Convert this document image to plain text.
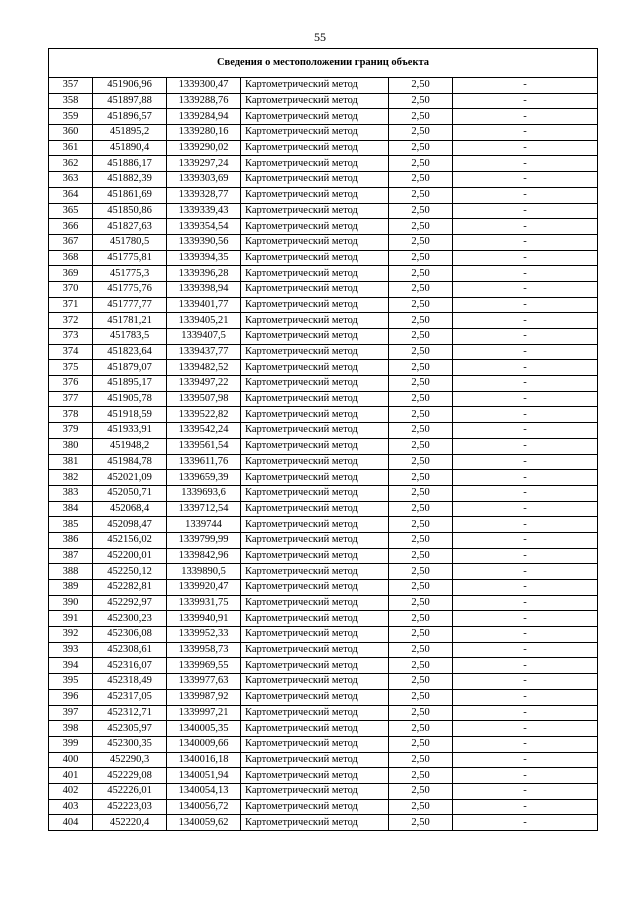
55
Сведения о местоположении границ объекта					
357	451906,96	1339300,47	Картометрический метод	2,50	-
358	451897,88	1339288,76	Картометрический метод	2,50	-
359	451896,57	1339284,94	Картометрический метод	2,50	-
360	451895,2	1339280,16	Картометрический метод	2,50	-
361	451890,4	1339290,02	Картометрический метод	2,50	-
362	451886,17	1339297,24	Картометрический метод	2,50	-
363	451882,39	1339303,69	Картометрический метод	2,50	-
364	451861,69	1339328,77	Картометрический метод	2,50	-
365	451850,86	1339339,43	Картометрический метод	2,50	-
366	451827,63	1339354,54	Картометрический метод	2,50	-
367	451780,5	1339390,56	Картометрический метод	2,50	-
368	451775,81	1339394,35	Картометрический метод	2,50	-
369	451775,3	1339396,28	Картометрический метод	2,50	-
370	451775,76	1339398,94	Картометрический метод	2,50	-
371	451777,77	1339401,77	Картометрический метод	2,50	-
372	451781,21	1339405,21	Картометрический метод	2,50	-
373	451783,5	1339407,5	Картометрический метод	2,50	-
374	451823,64	1339437,77	Картометрический метод	2,50	-
375	451879,07	1339482,52	Картометрический метод	2,50	-
376	451895,17	1339497,22	Картометрический метод	2,50	-
377	451905,78	1339507,98	Картометрический метод	2,50	-
378	451918,59	1339522,82	Картометрический метод	2,50	-
379	451933,91	1339542,24	Картометрический метод	2,50	-
380	451948,2	1339561,54	Картометрический метод	2,50	-
381	451984,78	1339611,76	Картометрический метод	2,50	-
382	452021,09	1339659,39	Картометрический метод	2,50	-
383	452050,71	1339693,6	Картометрический метод	2,50	-
384	452068,4	1339712,54	Картометрический метод	2,50	-
385	452098,47	1339744	Картометрический метод	2,50	-
386	452156,02	1339799,99	Картометрический метод	2,50	-
387	452200,01	1339842,96	Картометрический метод	2,50	-
388	452250,12	1339890,5	Картометрический метод	2,50	-
389	452282,81	1339920,47	Картометрический метод	2,50	-
390	452292,97	1339931,75	Картометрический метод	2,50	-
391	452300,23	1339940,91	Картометрический метод	2,50	-
392	452306,08	1339952,33	Картометрический метод	2,50	-
393	452308,61	1339958,73	Картометрический метод	2,50	-
394	452316,07	1339969,55	Картометрический метод	2,50	-
395	452318,49	1339977,63	Картометрический метод	2,50	-
396	452317,05	1339987,92	Картометрический метод	2,50	-
397	452312,71	1339997,21	Картометрический метод	2,50	-
398	452305,97	1340005,35	Картометрический метод	2,50	-
399	452300,35	1340009,66	Картометрический метод	2,50	-
400	452290,3	1340016,18	Картометрический метод	2,50	-
401	452229,08	1340051,94	Картометрический метод	2,50	-
402	452226,01	1340054,13	Картометрический метод	2,50	-
403	452223,03	1340056,72	Картометрический метод	2,50	-
404	452220,4	1340059,62	Картометрический метод	2,50	-
